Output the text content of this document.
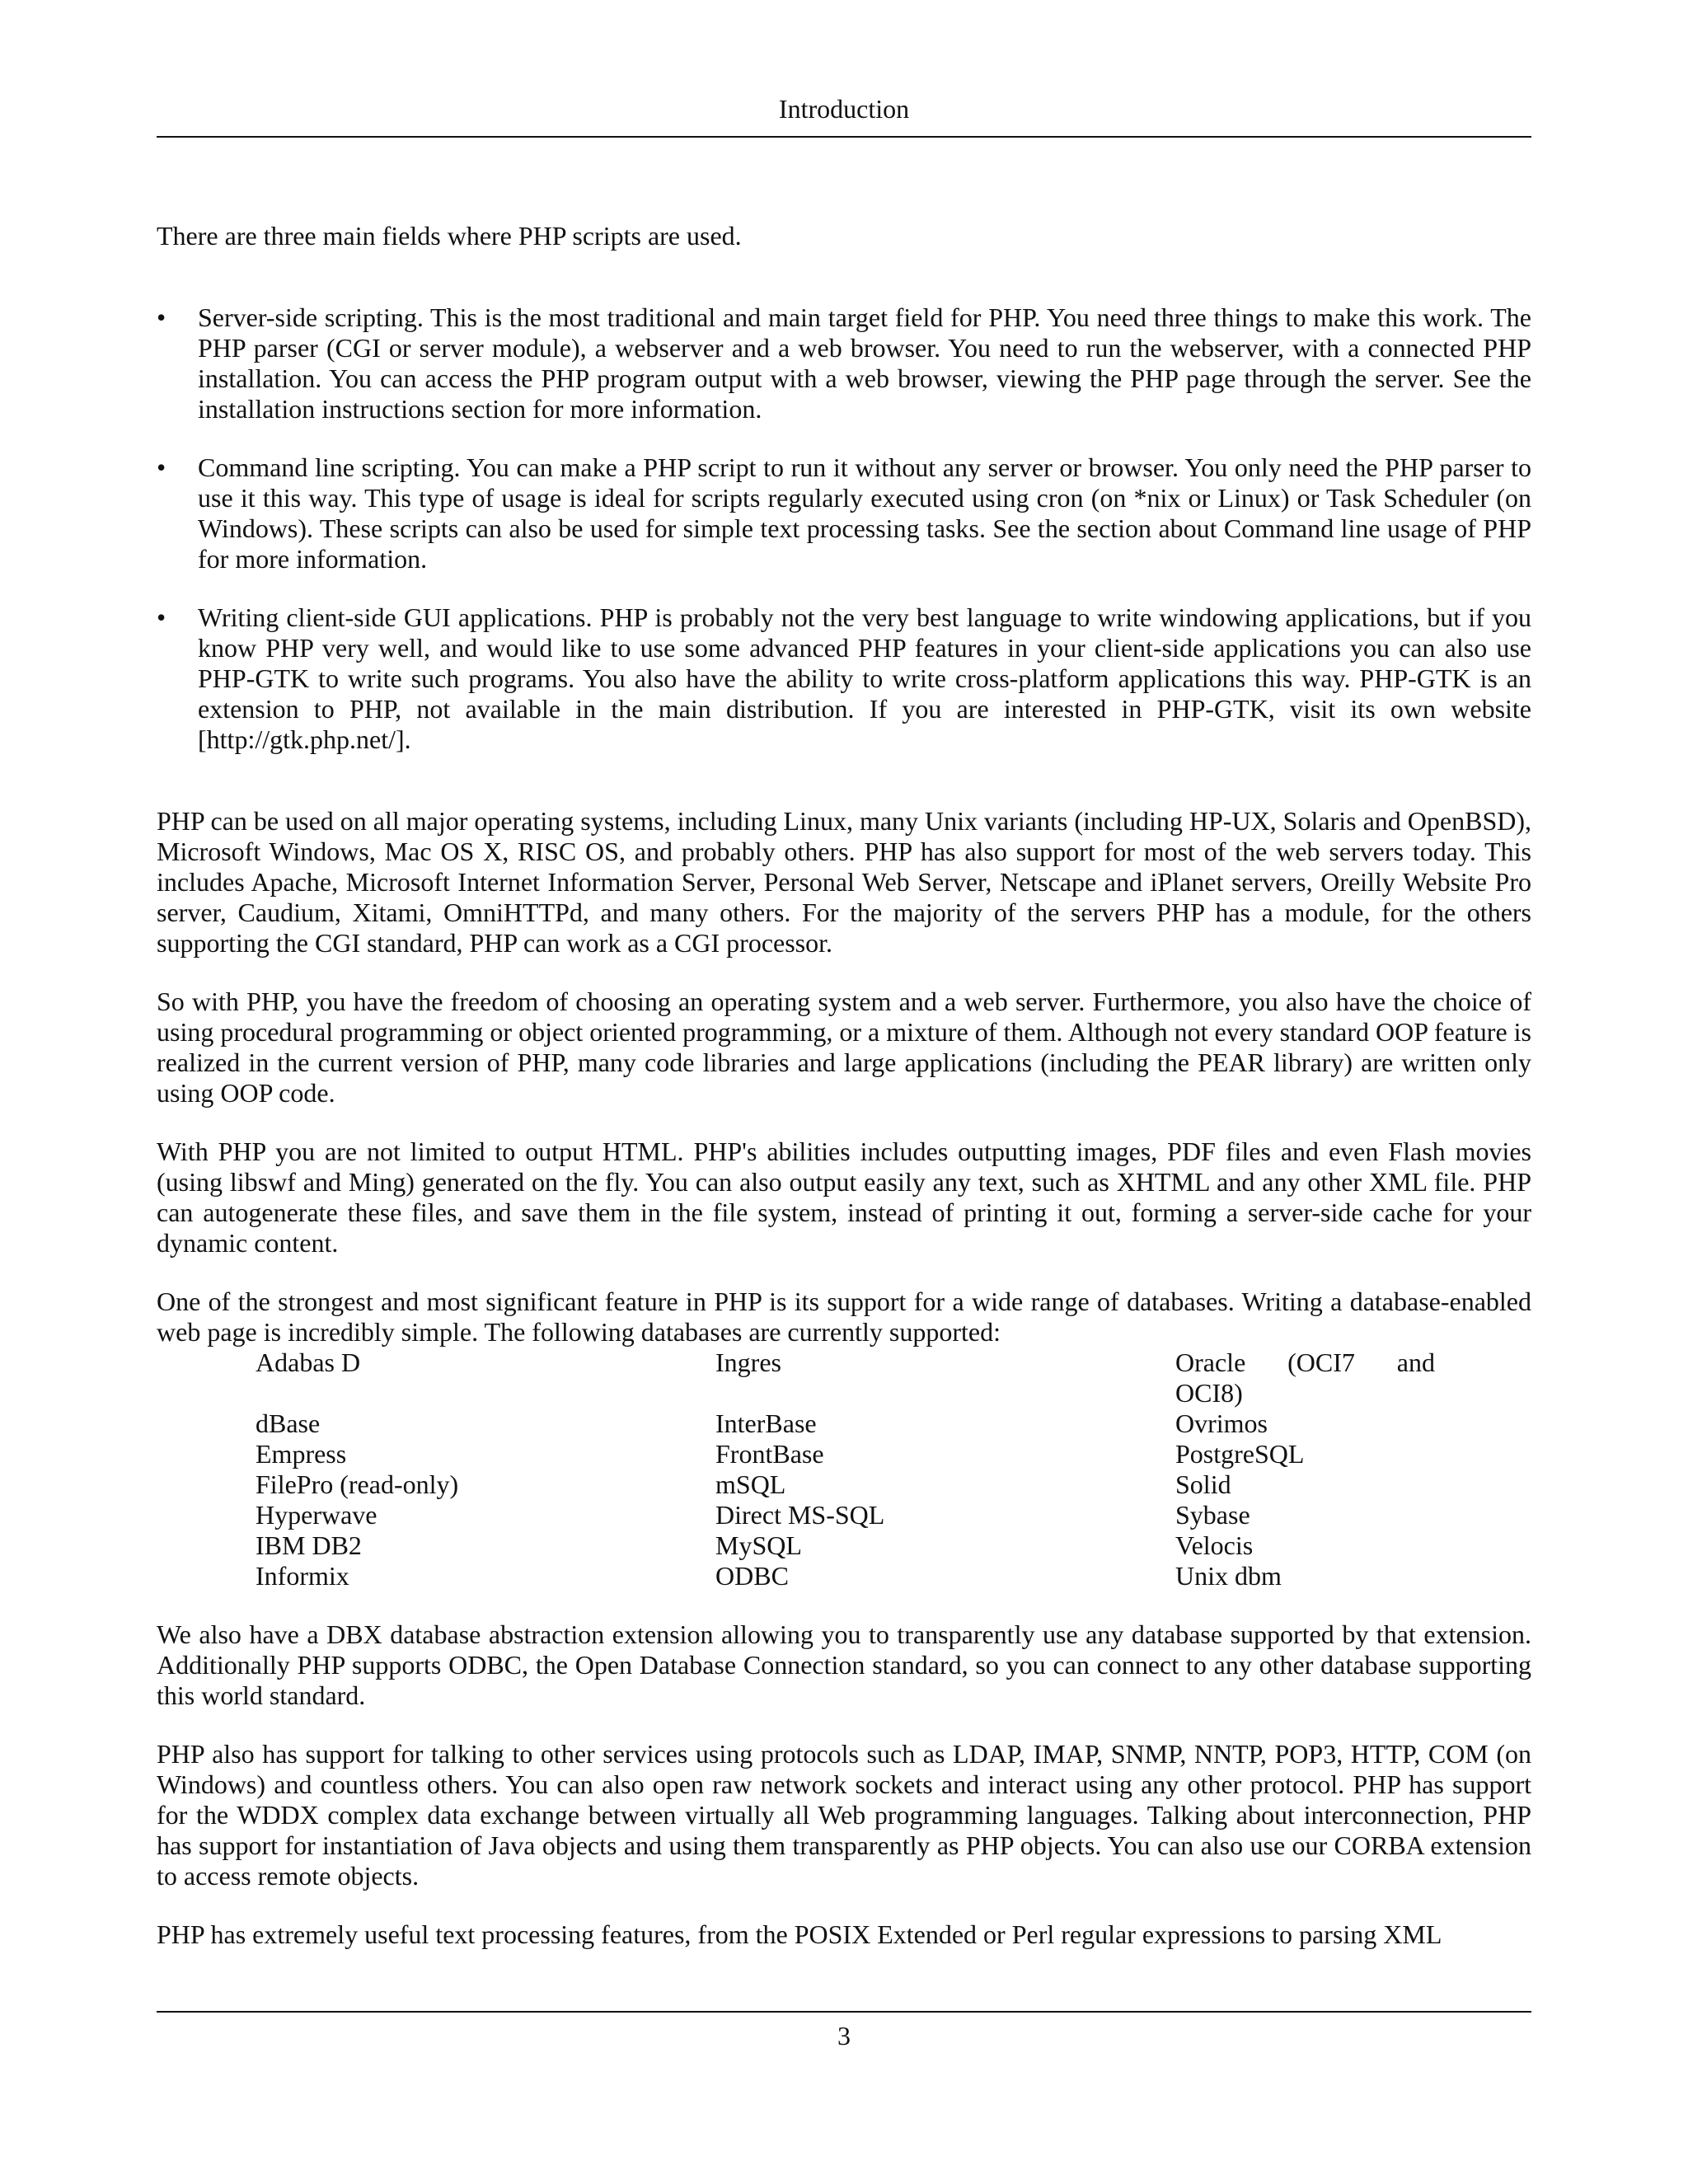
Introduction

There are three main fields where PHP scripts are used.

• Server-side scripting. This is the most traditional and main target field for PHP. You need three things to make this work. The PHP parser (CGI or server module), a webserver and a web browser. You need to run the webserver, with a connected PHP installation. You can access the PHP program output with a web browser, viewing the PHP page through the server. See the installation instructions section for more information.
• Command line scripting. You can make a PHP script to run it without any server or browser. You only need the PHP parser to use it this way. This type of usage is ideal for scripts regularly executed using cron (on *nix or Linux) or Task Scheduler (on Windows). These scripts can also be used for simple text processing tasks. See the section about Command line usage of PHP for more information.
• Writing client-side GUI applications. PHP is probably not the very best language to write windowing applications, but if you know PHP very well, and would like to use some advanced PHP features in your client-side applications you can also use PHP-GTK to write such programs. You also have the ability to write cross-platform applications this way. PHP-GTK is an extension to PHP, not available in the main distribution. If you are interested in PHP-GTK, visit its own website [http://gtk.php.net/].

PHP can be used on all major operating systems, including Linux, many Unix variants (including HP-UX, Solaris and OpenBSD), Microsoft Windows, Mac OS X, RISC OS, and probably others. PHP has also support for most of the web servers today. This includes Apache, Microsoft Internet Information Server, Personal Web Server, Netscape and iPlanet servers, Oreilly Website Pro server, Caudium, Xitami, OmniHTTPd, and many others. For the majority of the servers PHP has a module, for the others supporting the CGI standard, PHP can work as a CGI processor.

So with PHP, you have the freedom of choosing an operating system and a web server. Furthermore, you also have the choice of using procedural programming or object oriented programming, or a mixture of them. Although not every standard OOP feature is realized in the current version of PHP, many code libraries and large applications (including the PEAR library) are written only using OOP code.

With PHP you are not limited to output HTML. PHP's abilities includes outputting images, PDF files and even Flash movies (using libswf and Ming) generated on the fly. You can also output easily any text, such as XHTML and any other XML file. PHP can autogenerate these files, and save them in the file system, instead of printing it out, forming a server-side cache for your dynamic content.

One of the strongest and most significant feature in PHP is its support for a wide range of databases. Writing a database-enabled web page is incredibly simple. The following databases are currently supported:

Adabas D	Ingres	Oracle (OCI7 and
OCI8)

dBase	InterBase	Ovrimos
Empress	FrontBase	PostgreSQL
FilePro (read-only)	mSQL	Solid
Hyperwave	Direct MS-SQL	Sybase
IBM DB2	MySQL	Velocis
Informix	ODBC	Unix dbm

We also have a DBX database abstraction extension allowing you to transparently use any database supported by that extension. Additionally PHP supports ODBC, the Open Database Connection standard, so you can connect to any other database supporting this world standard.

PHP also has support for talking to other services using protocols such as LDAP, IMAP, SNMP, NNTP, POP3, HTTP, COM (on Windows) and countless others. You can also open raw network sockets and interact using any other protocol. PHP has support for the WDDX complex data exchange between virtually all Web programming languages. Talking about interconnection, PHP has support for instantiation of Java objects and using them transparently as PHP objects. You can also use our CORBA extension to access remote objects.

PHP has extremely useful text processing features, from the POSIX Extended or Perl regular expressions to parsing XML

3
